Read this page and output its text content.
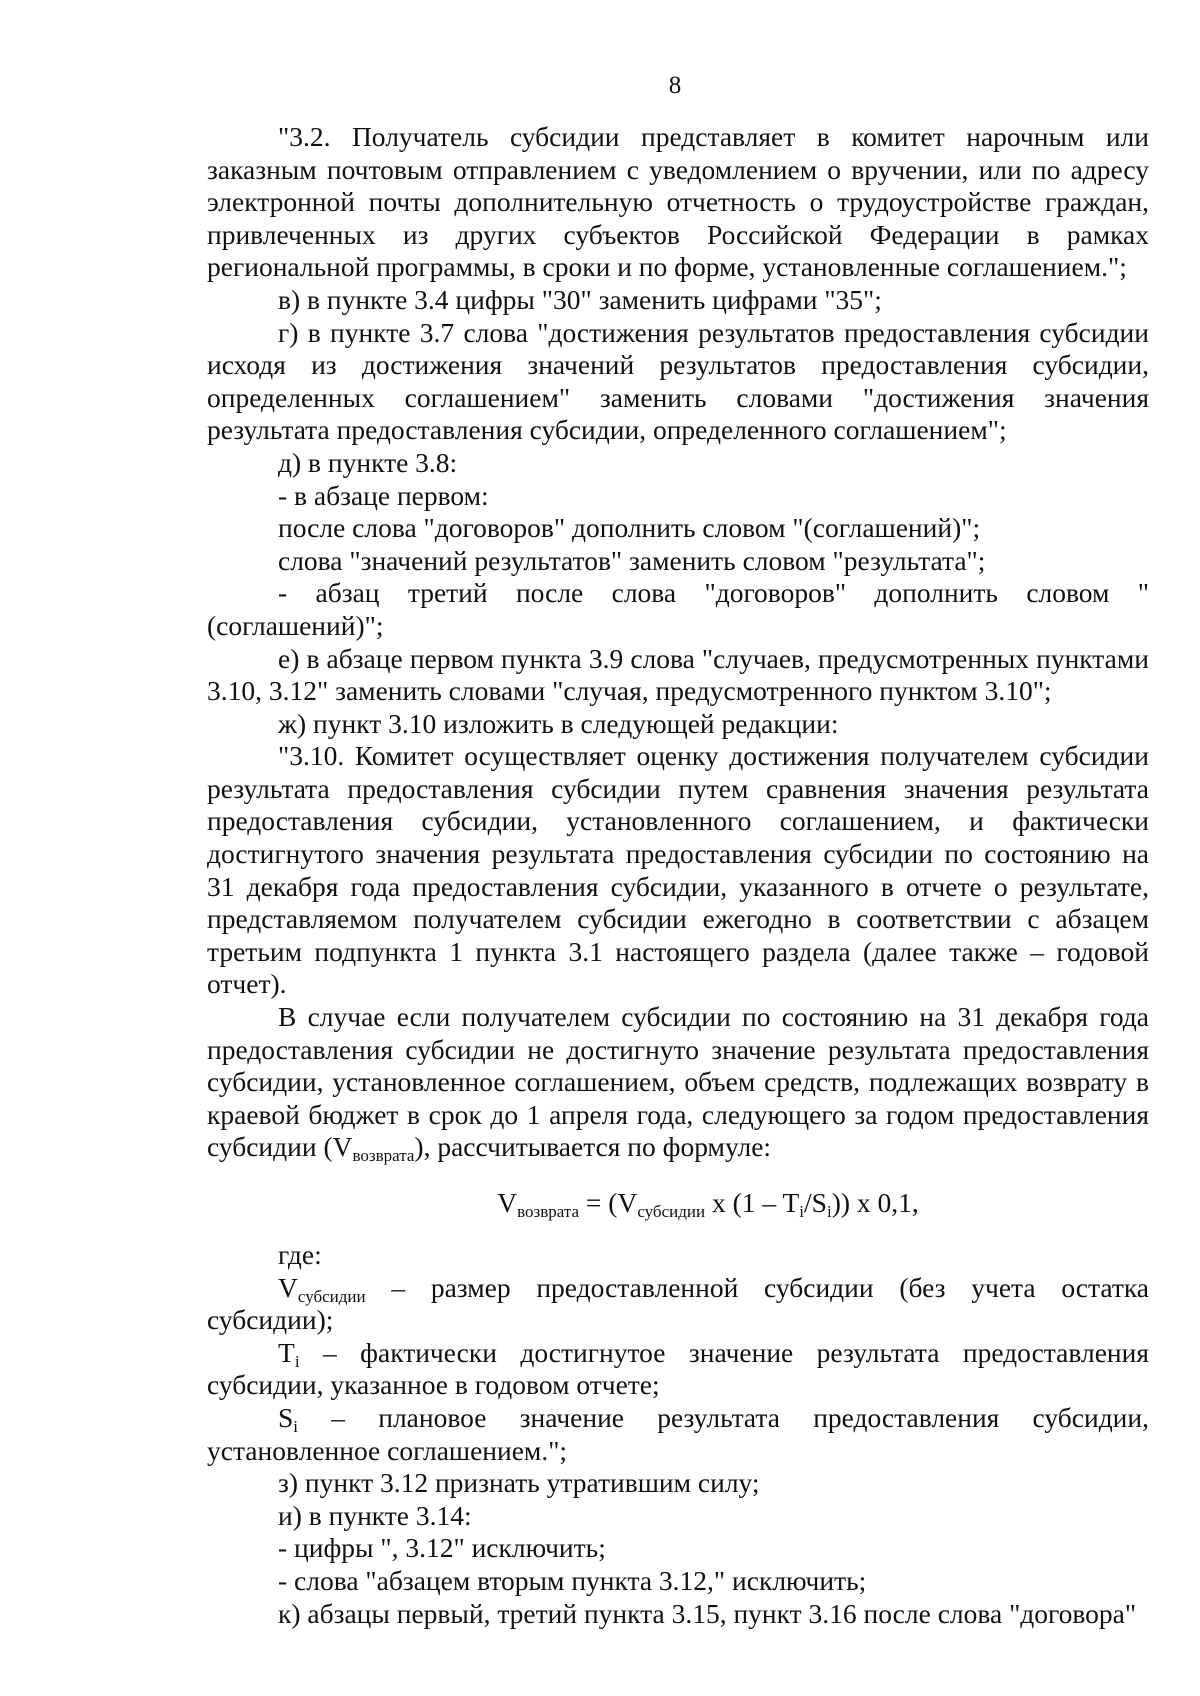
8

"3.2. Получатель субсидии представляет в комитет нарочным или заказным почтовым отправлением с уведомлением о вручении, или по адресу электронной почты дополнительную отчетность о трудоустройстве граждан, привлеченных из других субъектов Российской Федерации в рамках региональной программы, в сроки и по форме, установленные соглашением.";

в) в пункте 3.4 цифры "30" заменить цифрами "35";

г) в пункте 3.7 слова "достижения результатов предоставления субсидии исходя из достижения значений результатов предоставления субсидии, определенных соглашением" заменить словами "достижения значения результата предоставления субсидии, определенного соглашением";

д) в пункте 3.8:

- в абзаце первом:

после слова "договоров" дополнить словом "(соглашений)";

слова "значений результатов" заменить словом "результата";

- абзац третий после слова "договоров" дополнить словом "(соглашений)";

е) в абзаце первом пункта 3.9 слова "случаев, предусмотренных пунктами 3.10, 3.12" заменить словами "случая, предусмотренного пунктом 3.10";

ж) пункт 3.10 изложить в следующей редакции:

"3.10. Комитет осуществляет оценку достижения получателем субсидии результата предоставления субсидии путем сравнения значения результата предоставления субсидии, установленного соглашением, и фактически достигнутого значения результата предоставления субсидии по состоянию на 31 декабря года предоставления субсидии, указанного в отчете о результате, представляемом получателем субсидии ежегодно в соответствии с абзацем третьим подпункта 1 пункта 3.1 настоящего раздела (далее также – годовой отчет).

В случае если получателем субсидии по состоянию на 31 декабря года предоставления субсидии не достигнуто значение результата предоставления субсидии, установленное соглашением, объем средств, подлежащих возврату в краевой бюджет в срок до 1 апреля года, следующего за годом предоставления субсидии $(V_{возврата})$, рассчитывается по формуле:

$V_{возврата} = (V_{субсидии}$ x $(1 - T_i/S_i)$) x 0,1,

где:

$V_{субсидии}$ – размер предоставленной субсидии (без учета остатка субсидии);

$T_i$ – фактически достигнутое значение результата предоставления субсидии, указанное в годовом отчете;

$S_i$ – плановое значение результата предоставления субсидии, установленное соглашением.";

з) пункт 3.12 признать утратившим силу;

и) в пункте 3.14:

- цифры ", 3.12" исключить;

- слова "абзацем вторым пункта 3.12," исключить;

к) абзацы первый, третий пункта 3.15, пункт 3.16 после слова "договора"
